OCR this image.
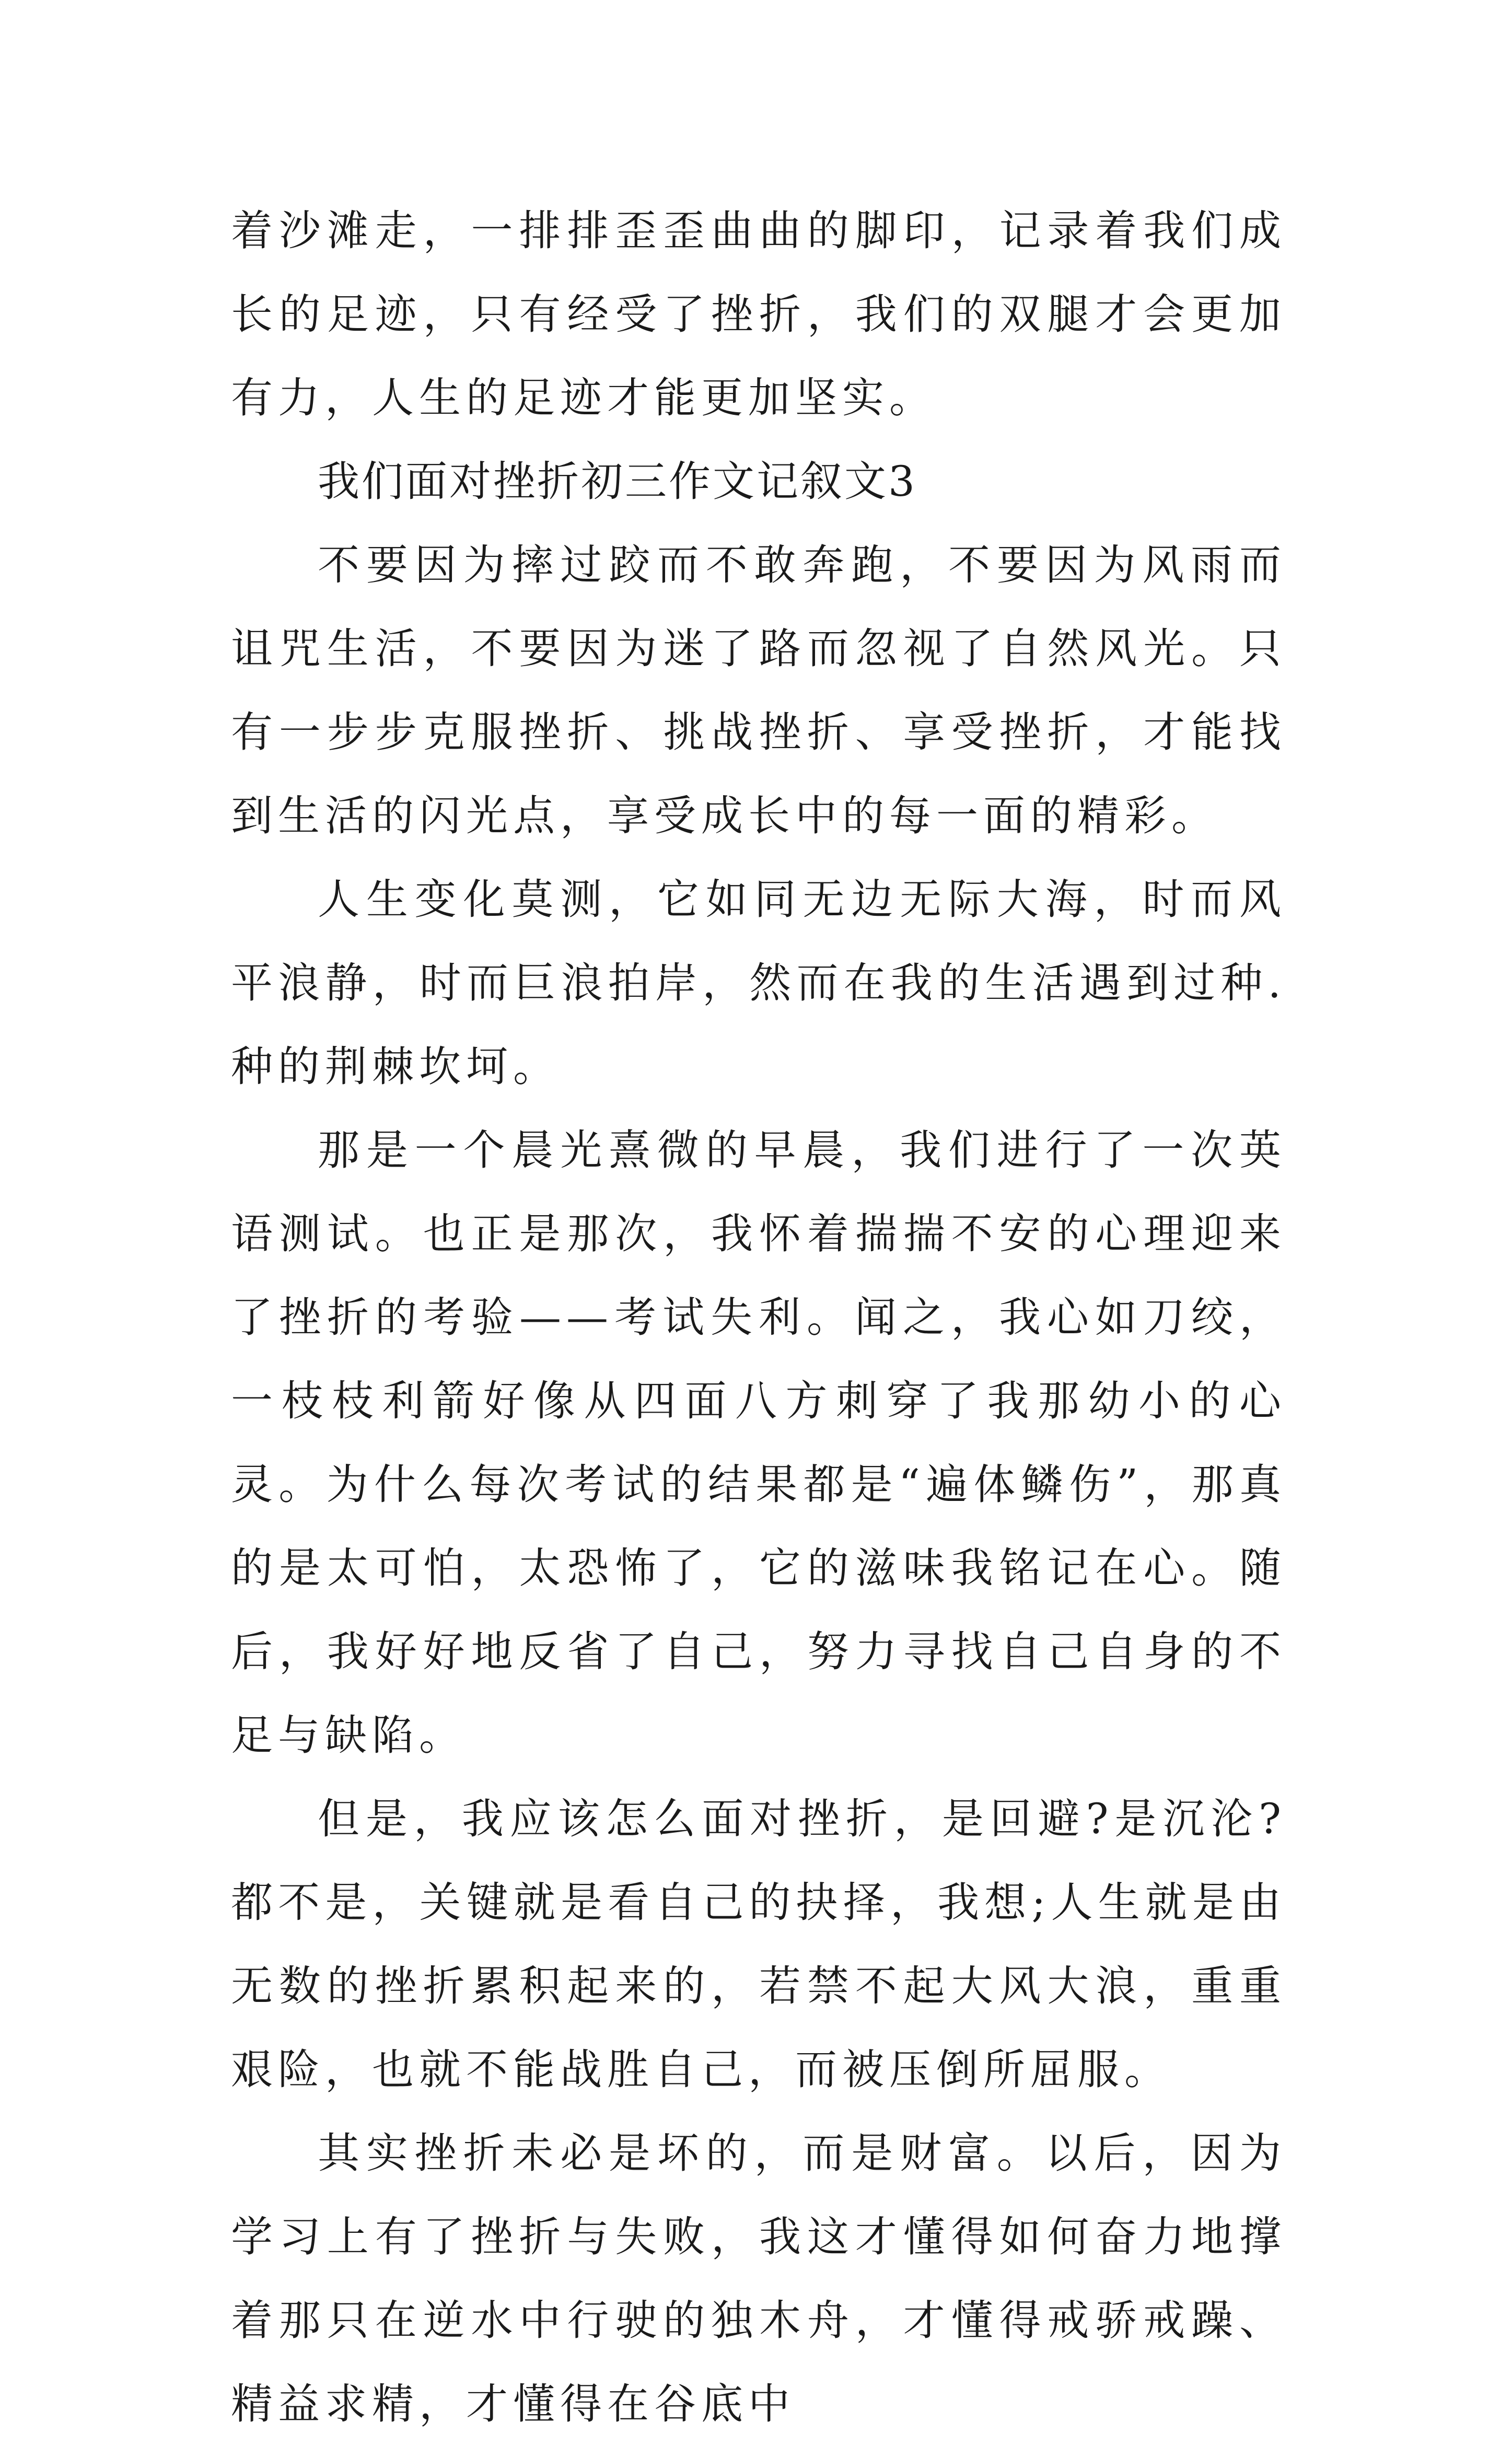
着沙滩走，一排排歪歪曲曲的脚印，记录着我们成长的足迹，只有经受了挫折，我们的双腿才会更加有力，人生的足迹才能更加坚实。

我们面对挫折初三作文记叙文3

不要因为摔过跤而不敢奔跑，不要因为风雨而诅咒生活，不要因为迷了路而忽视了自然风光。只有一步步克服挫折、挑战挫折、享受挫折，才能找到生活的闪光点，享受成长中的每一面的精彩。

人生变化莫测，它如同无边无际大海，时而风平浪静，时而巨浪拍岸，然而在我的生活遇到过种.种的荆棘坎坷。

那是一个晨光熹微的早晨，我们进行了一次英语测试。也正是那次，我怀着揣揣不安的心理迎来了挫折的考验——考试失利。闻之，我心如刀绞，一枝枝利箭好像从四面八方刺穿了我那幼小的心灵。为什么每次考试的结果都是“遍体鳞伤”，那真的是太可怕，太恐怖了，它的滋味我铭记在心。随后，我好好地反省了自己，努力寻找自己自身的不足与缺陷。

但是，我应该怎么面对挫折，是回避?是沉沦?都不是，关键就是看自己的抉择，我想;人生就是由无数的挫折累积起来的，若禁不起大风大浪，重重艰险，也就不能战胜自己，而被压倒所屈服。

其实挫折未必是坏的，而是财富。以后，因为学习上有了挫折与失败，我这才懂得如何奋力地撑着那只在逆水中行驶的独木舟，才懂得戒骄戒躁、精益求精，才懂得在谷底中
